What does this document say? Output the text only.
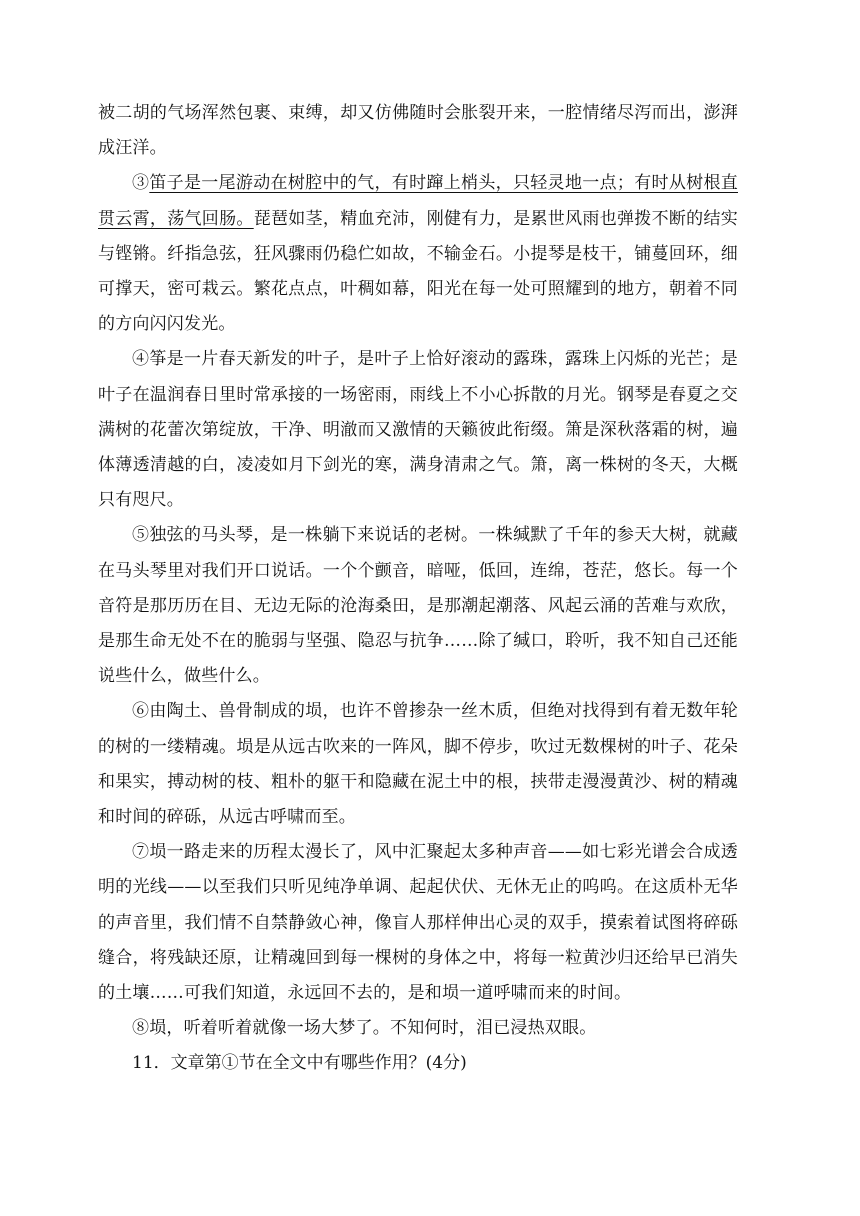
被二胡的气场浑然包裹、束缚，却又仿佛随时会胀裂开来，一腔情绪尽泻而出，澎湃成汪洋。

③笛子是一尾游动在树腔中的气，有时蹿上梢头，只轻灵地一点；有时从树根直贯云霄，荡气回肠。琵琶如茎，精血充沛，刚健有力，是累世风雨也弹拨不断的结实与铿锵。纤指急弦，狂风骤雨仍稳伫如故，不输金石。小提琴是枝干，铺蔓回环，细可撑天，密可栽云。繁花点点，叶稠如幕，阳光在每一处可照耀到的地方，朝着不同的方向闪闪发光。

④筝是一片春天新发的叶子，是叶子上恰好滚动的露珠，露珠上闪烁的光芒；是叶子在温润春日里时常承接的一场密雨，雨线上不小心拆散的月光。钢琴是春夏之交满树的花蕾次第绽放，干净、明澈而又激情的天籁彼此衔缀。箫是深秋落霜的树，遍体薄透清越的白，凌凌如月下剑光的寒，满身清肃之气。箫，离一株树的冬天，大概只有咫尺。

⑤独弦的马头琴，是一株躺下来说话的老树。一株缄默了千年的参天大树，就藏在马头琴里对我们开口说话。一个个颤音，暗哑，低回，连绵，苍茫，悠长。每一个音符是那历历在目、无边无际的沧海桑田，是那潮起潮落、风起云涌的苦难与欢欣，是那生命无处不在的脆弱与坚强、隐忍与抗争……除了缄口，聆听，我不知自己还能说些什么，做些什么。

⑥由陶土、兽骨制成的埙，也许不曾掺杂一丝木质，但绝对找得到有着无数年轮的树的一缕精魂。埙是从远古吹来的一阵风，脚不停步，吹过无数棵树的叶子、花朵和果实，搏动树的枝、粗朴的躯干和隐藏在泥土中的根，挟带走漫漫黄沙、树的精魂和时间的碎砾，从远古呼啸而至。

⑦埙一路走来的历程太漫长了，风中汇聚起太多种声音——如七彩光谱会合成透明的光线——以至我们只听见纯净单调、起起伏伏、无休无止的呜呜。在这质朴无华的声音里，我们情不自禁静敛心神，像盲人那样伸出心灵的双手，摸索着试图将碎砾缝合，将残缺还原，让精魂回到每一棵树的身体之中，将每一粒黄沙归还给早已消失的土壤……可我们知道，永远回不去的，是和埙一道呼啸而来的时间。

⑧埙，听着听着就像一场大梦了。不知何时，泪已浸热双眼。

11．文章第①节在全文中有哪些作用？(4分)
